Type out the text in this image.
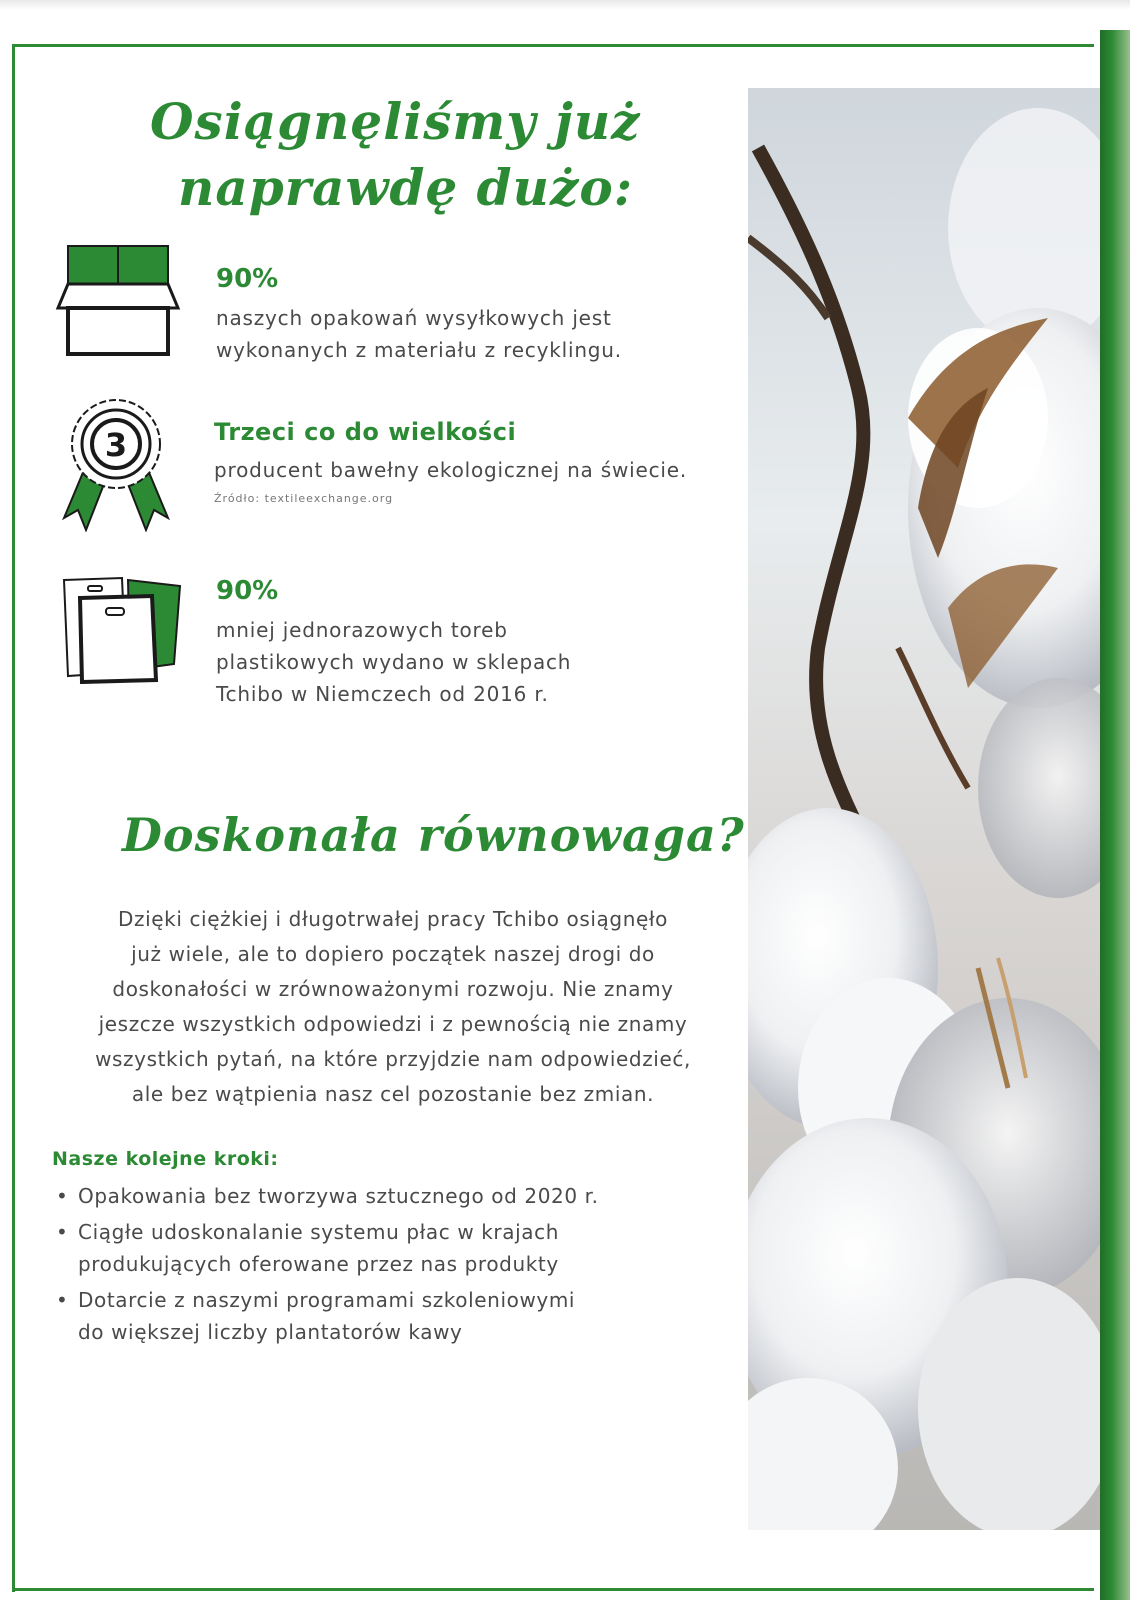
Osiągnęliśmy już
naprawdę dużo:
90%
naszych opakowań wysyłkowych jest
wykonanych z materiału z recyklingu.
3	Trzeci co do wielkości
producent bawełny ekologicznej na świecie.
Źródło: textileexchange.org
90%
mniej jednorazowych toreb
plastikowych wydano w sklepach
Tchibo w Niemczech od 2016 r.
Doskonała równowaga?
Dzięki ciężkiej i długotrwałej pracy Tchibo osiągnęło
już wiele, ale to dopiero początek naszej drogi do
doskonałości w zrównoważonymi rozwoju. Nie znamy
jeszcze wszystkich odpowiedzi i z pewnością nie znamy
wszystkich pytań, na które przyjdzie nam odpowiedzieć,
ale bez wątpienia nasz cel pozostanie bez zmian.
Nasze kolejne kroki:
• Opakowania bez tworzywa sztucznego od 2020 r.
• Ciągłe udoskonalanie systemu płac w krajach
produkujących oferowane przez nas produkty
• Dotarcie z naszymi programami szkoleniowymi
do większej liczby plantatorów kawy
